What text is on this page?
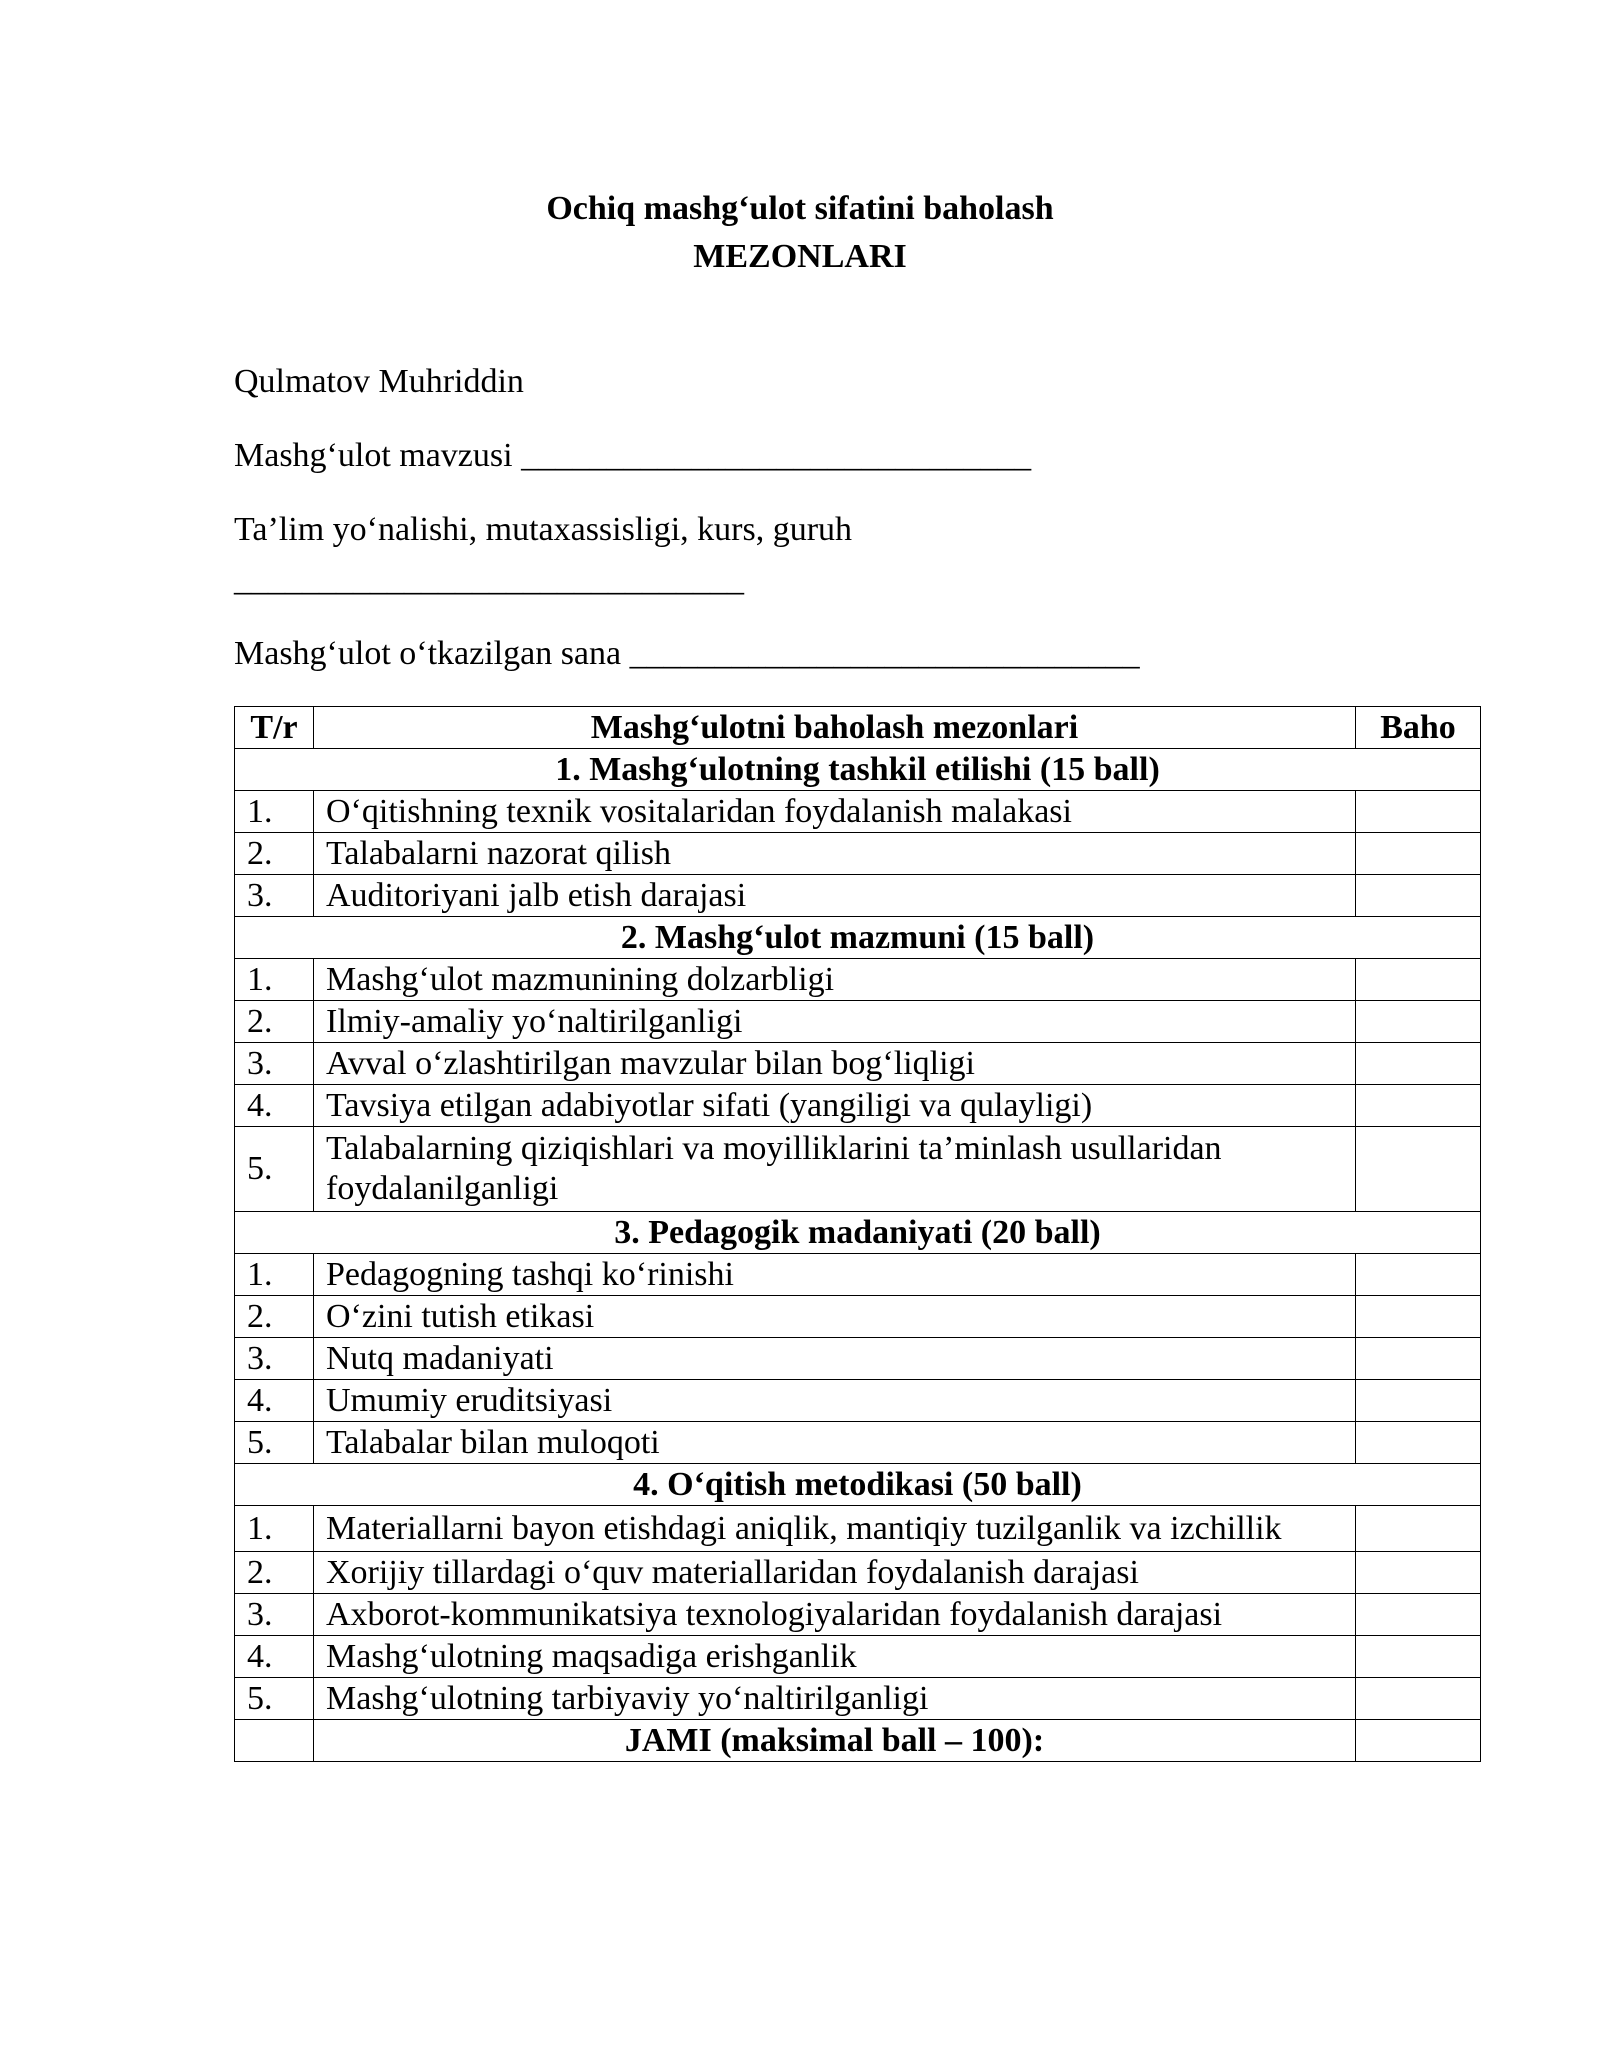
Ochiq mashg‘ulot sifatini baholash
MEZONLARI
Qulmatov Muhriddin
Mashg‘ulot mavzusi ______________________________
Ta’lim yo‘nalishi, mutaxassisligi, kurs, guruh
______________________________
Mashg‘ulot o‘tkazilgan sana ______________________________
T/r	Mashg‘ulotni baholash mezonlari	Baho
1. Mashg‘ulotning tashkil etilishi (15 ball)		
1.	O‘qitishning texnik vositalaridan foydalanish malakasi	
2.	Talabalarni nazorat qilish	
3.	Auditoriyani jalb etish darajasi	
2. Mashg‘ulot mazmuni (15 ball)		
1.	Mashg‘ulot mazmunining dolzarbligi	
2.	Ilmiy-amaliy yo‘naltirilganligi	
3.	Avval o‘zlashtirilgan mavzular bilan bog‘liqligi	
4.	Tavsiya etilgan adabiyotlar sifati (yangiligi va qulayligi)	
5.	Talabalarning qiziqishlari va moyilliklarini ta’minlash usullaridan foydalanilganligi	
3. Pedagogik madaniyati (20 ball)		
1.	Pedagogning tashqi ko‘rinishi	
2.	O‘zini tutish etikasi	
3.	Nutq madaniyati	
4.	Umumiy eruditsiyasi	
5.	Talabalar bilan muloqoti	
4. O‘qitish metodikasi (50 ball)		
1.	Materiallarni bayon etishdagi aniqlik, mantiqiy tuzilganlik va izchillik	
2.	Xorijiy tillardagi o‘quv materiallaridan foydalanish darajasi	
3.	Axborot-kommunikatsiya texnologiyalaridan foydalanish darajasi	
4.	Mashg‘ulotning maqsadiga erishganlik	
5.	Mashg‘ulotning tarbiyaviy yo‘naltirilganligi	
	JAMI (maksimal ball – 100):	
